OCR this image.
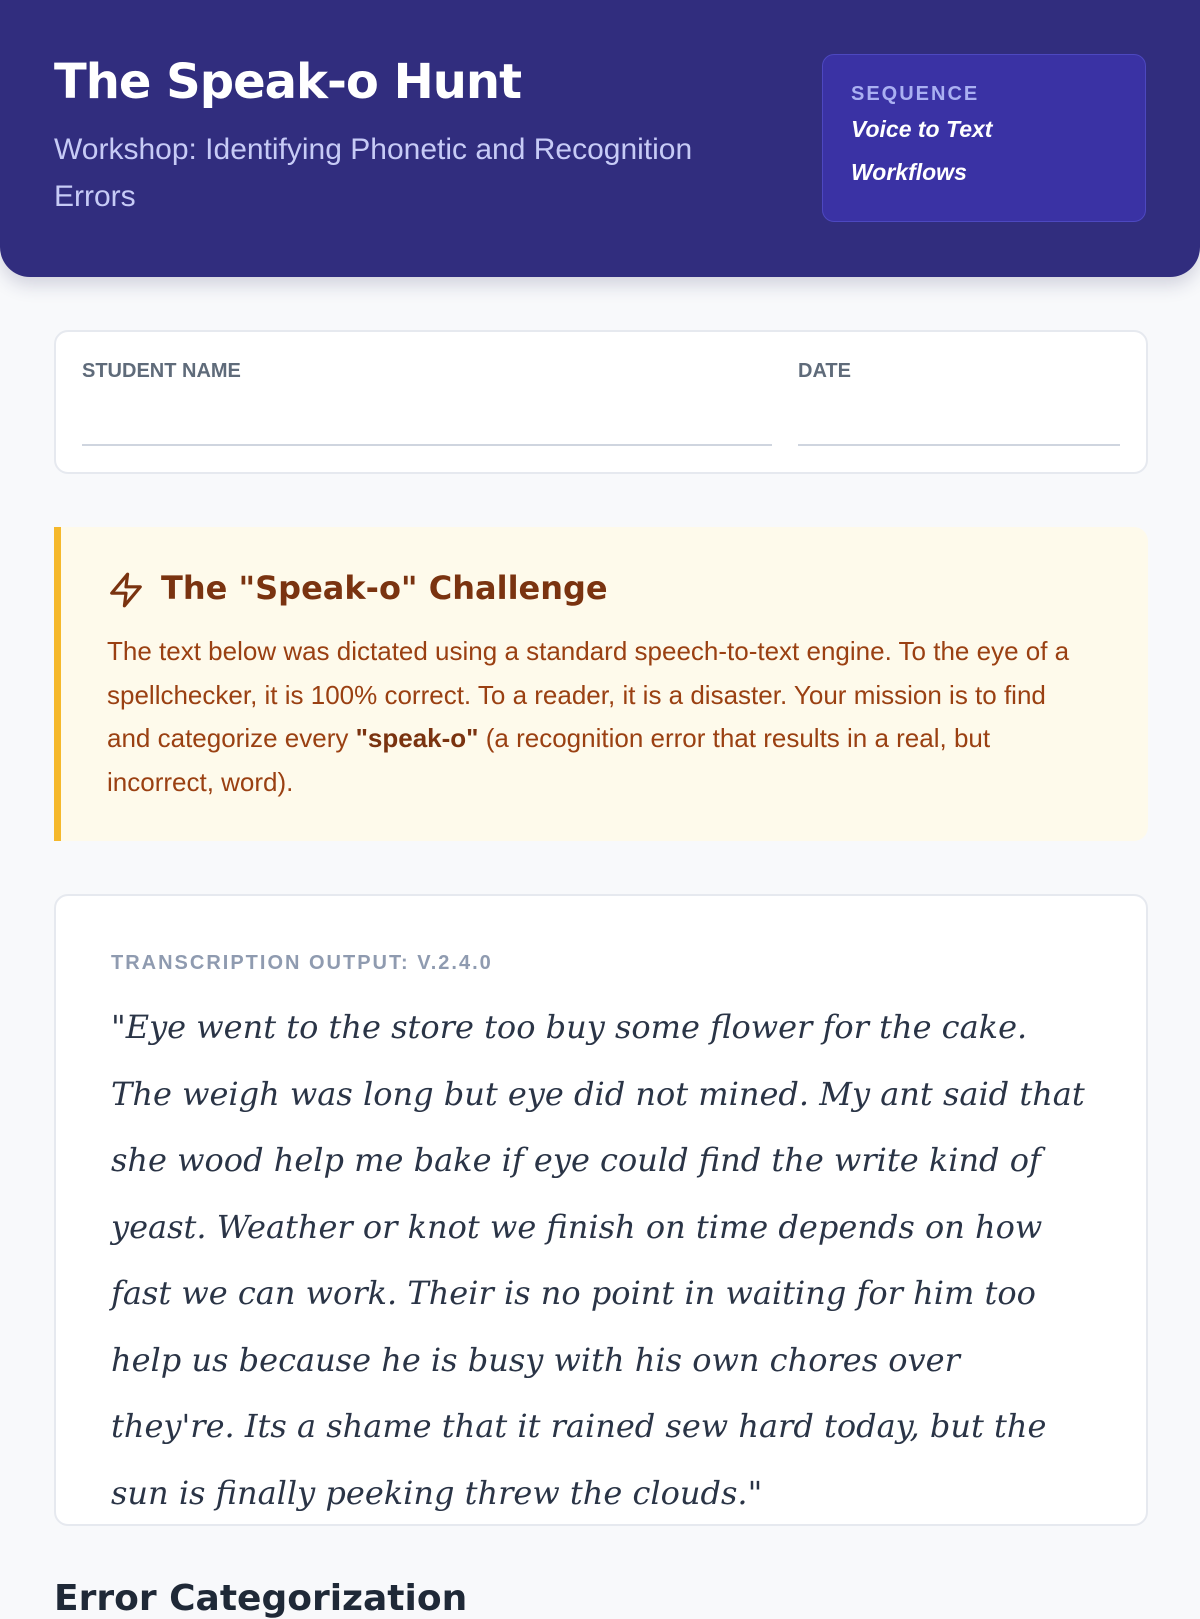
The Speak-o Hunt

Workshop: Identifying Phonetic and Recognition Errors

SEQUENCE
Voice to Text
Workflows
STUDENT NAME	DATE
The "Speak-o" Challenge

The text below was dictated using a standard speech-to-text engine. To the eye of a spellchecker, it is 100% correct. To a reader, it is a disaster. Your mission is to find and categorize every "speak-o" (a recognition error that results in a real, but incorrect, word).

TRANSCRIPTION OUTPUT: V.2.4.0

"Eye went to the store too buy some flower for the cake. The weigh was long but eye did not mined. My ant said that she wood help me bake if eye could find the write kind of yeast. Weather or knot we finish on time depends on how fast we can work. Their is no point in waiting for him too help us because he is busy with his own chores over they're. Its a shame that it rained sew hard today, but the sun is finally peeking threw the clouds."

Error Categorization
